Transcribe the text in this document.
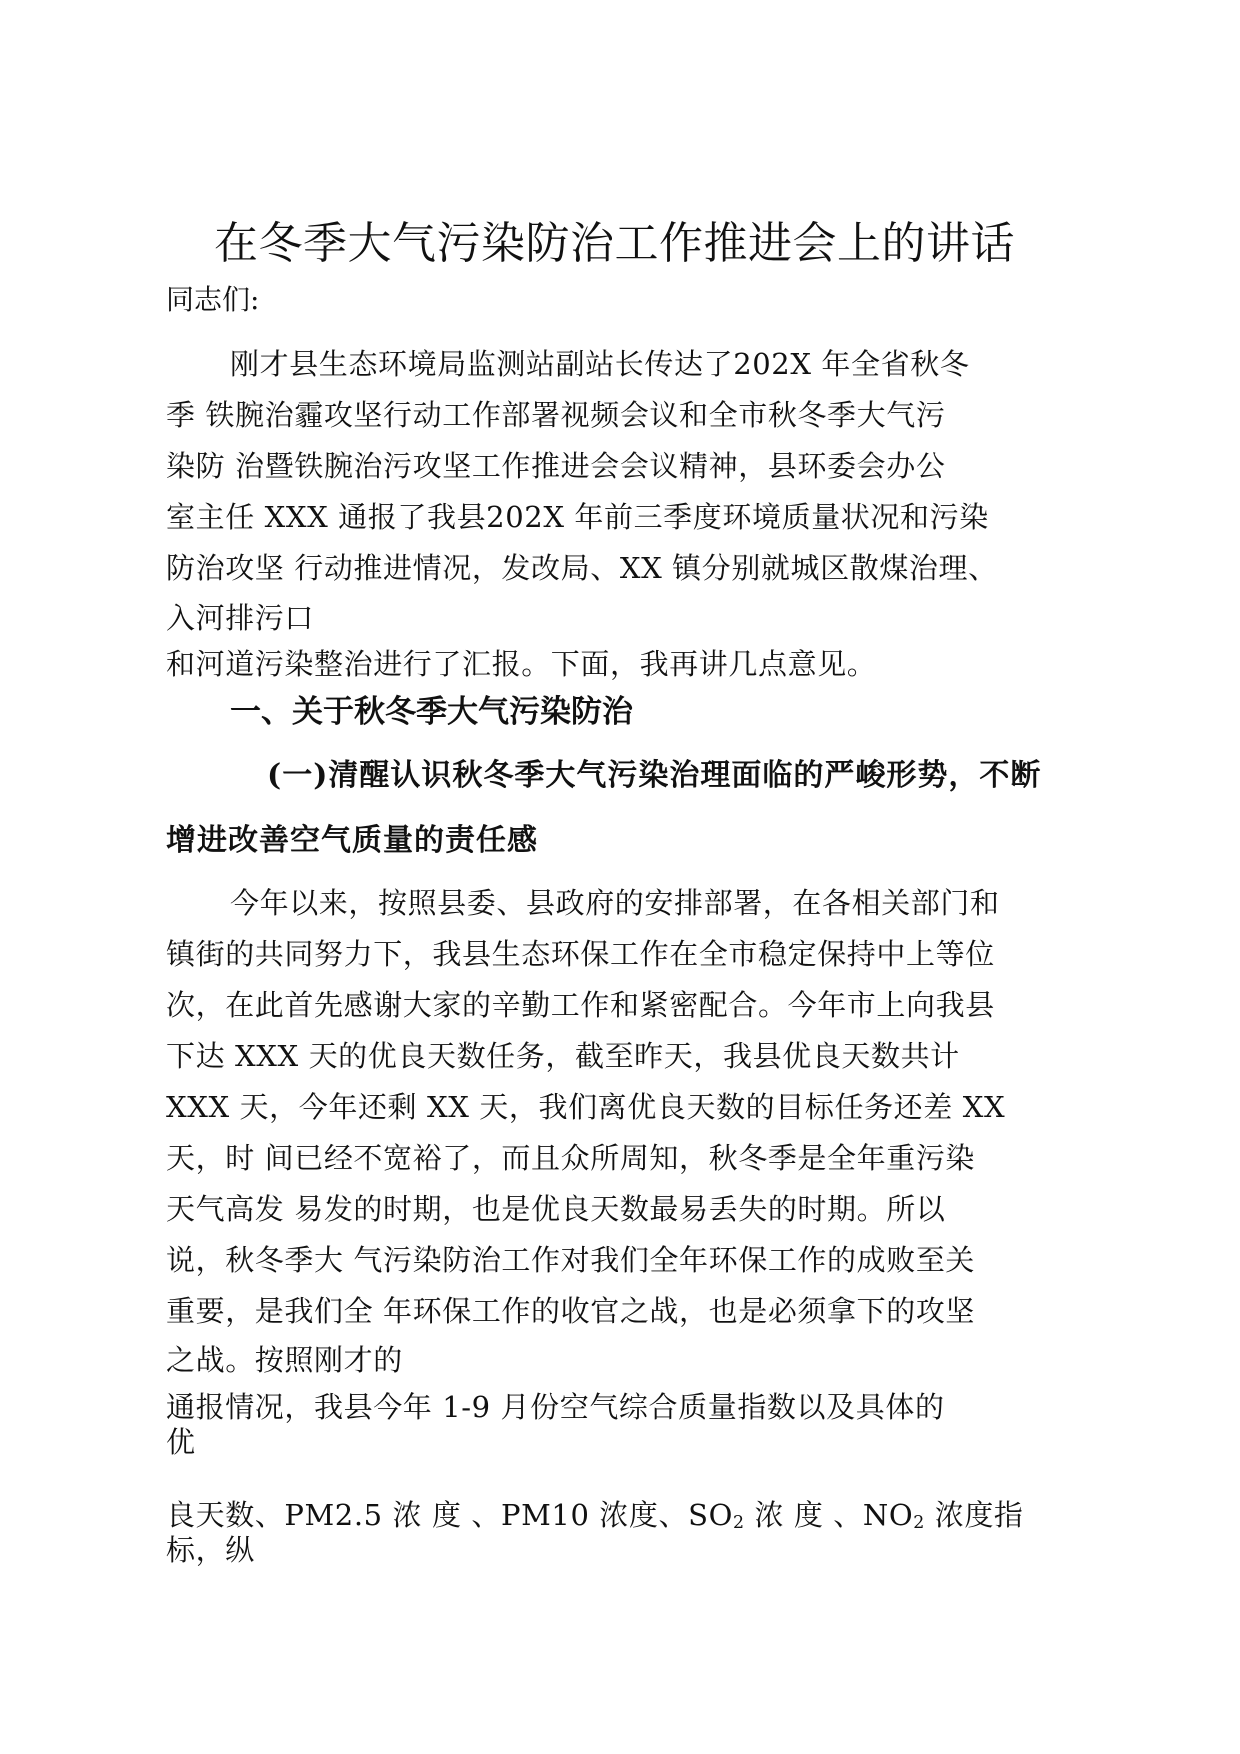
在冬季大气污染防治工作推进会上的讲话

同志们:

刚才县生态环境局监测站副站长传达了202X 年全省秋冬

季 铁腕治霾攻坚行动工作部署视频会议和全市秋冬季大气污

染防 治暨铁腕治污攻坚工作推进会会议精神，县环委会办公

室主任 XXX 通报了我县202X 年前三季度环境质量状况和污染

防治攻坚 行动推进情况，发改局、XX 镇分别就城区散煤治理、

入河排污口

和河道污染整治进行了汇报。下面，我再讲几点意见。

一、关于秋冬季大气污染防治
(一)清醒认识秋冬季大气污染治理面临的严峻形势，不断
增进改善空气质量的责任感

今年以来，按照县委、县政府的安排部署，在各相关部门和

镇街的共同努力下，我县生态环保工作在全市稳定保持中上等位

次，在此首先感谢大家的辛勤工作和紧密配合。今年市上向我县

下达 XXX 天的优良天数任务，截至昨天，我县优良天数共计

XXX 天，今年还剩 XX 天，我们离优良天数的目标任务还差 XX

天，时 间已经不宽裕了，而且众所周知，秋冬季是全年重污染

天气高发 易发的时期，也是优良天数最易丢失的时期。所以

说，秋冬季大 气污染防治工作对我们全年环保工作的成败至关

重要，是我们全 年环保工作的收官之战，也是必须拿下的攻坚

之战。按照刚才的

通报情况，我县今年 1-9 月份空气综合质量指数以及具体的

优

良天数、PM2.5 浓 度 、PM10 浓度、$SO_2$ 浓 度 、$NO_2$ 浓度指

标，纵
